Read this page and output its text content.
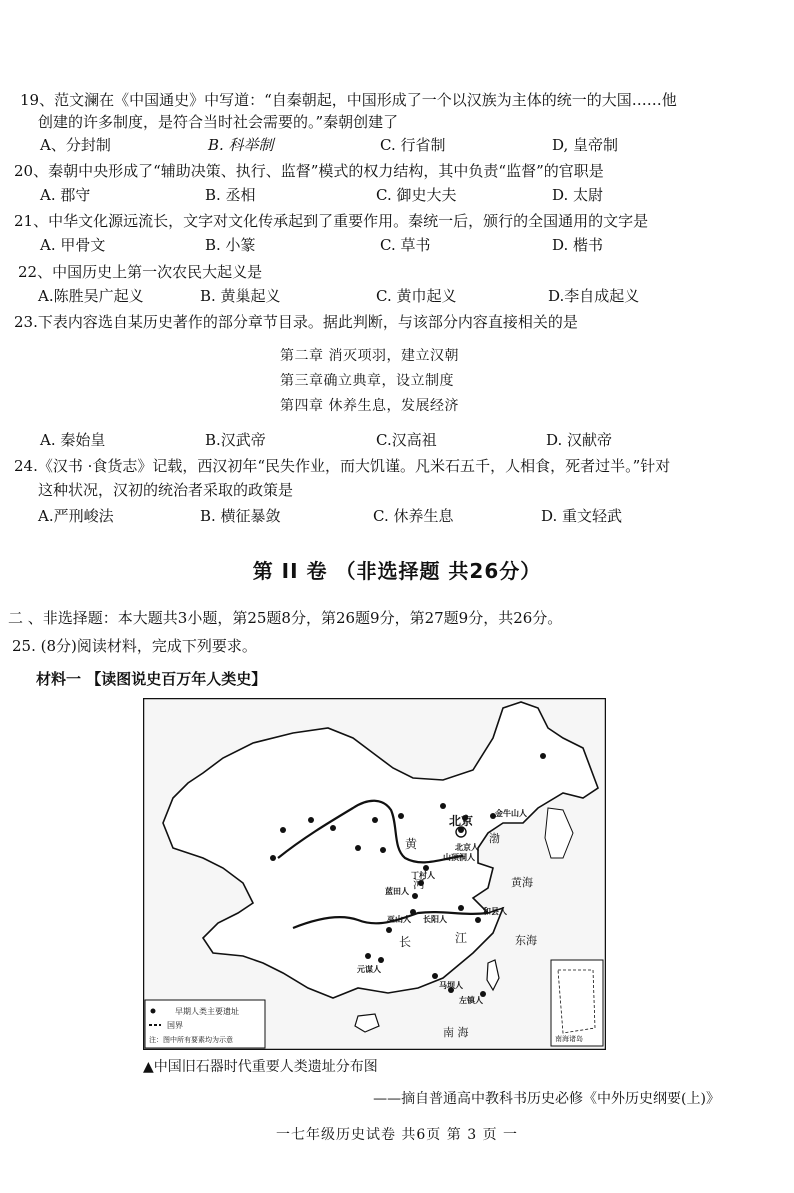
19、范文澜在《中国通史》中写道：“自秦朝起，中国形成了一个以汉族为主体的统一的大国……他
创建的许多制度，是符合当时社会需要的。”秦朝创建了
A、分封制	B. 科举制	C. 行省制	D, 皇帝制
20、秦朝中央形成了“辅助决策、执行、监督”模式的权力结构，其中负责“监督”的官职是
A. 郡守	B. 丞相	C. 御史大夫	D. 太尉
21、中华文化源远流长，文字对文化传承起到了重要作用。秦统一后，颁行的全国通用的文字是
A. 甲骨文	B. 小篆	C. 草书	D. 楷书
22、中国历史上第一次农民大起义是
A.陈胜吴广起义	B. 黄巢起义	C. 黄巾起义	D.李自成起义
23.下表内容选自某历史著作的部分章节目录。据此判断，与该部分内容直接相关的是
第二章 消灭项羽，建立汉朝
第三章确立典章，设立制度
第四章 休养生息，发展经济
A. 秦始皇	B.汉武帝	C.汉高祖	D. 汉献帝
24.《汉书 ·食货志》记载，西汉初年“民失作业，而大饥谨。凡米石五千，人相食，死者过半。”针对
这种状况，汉初的统治者采取的政策是
A.严刑峻法	B. 横征暴敛	C. 休养生息	D. 重文轻武
第 II 卷 （非选择题 共26分）
二 、非选择题：本大题共3小题，第25题8分，第26题9分，第27题9分，共26分。
25. (8分)阅读材料，完成下列要求。
材料一 【读图说史百万年人类史】
北京
北京人
山顶洞人
丁村人
蓝田人
巫山人 长阳人
和县人
元谋人
马坝人
左镇人
金牛山人
黄
河
长	江
渤
黄海
东海
南 海
早期人类主要遗址
国界
注：图中所有要素均为示意	南海诸岛
▲中国旧石器时代重要人类遗址分布图
——摘自普通高中教科书历史必修《中外历史纲要(上)》
一七年级历史试卷 共6页 第 3 页 一
